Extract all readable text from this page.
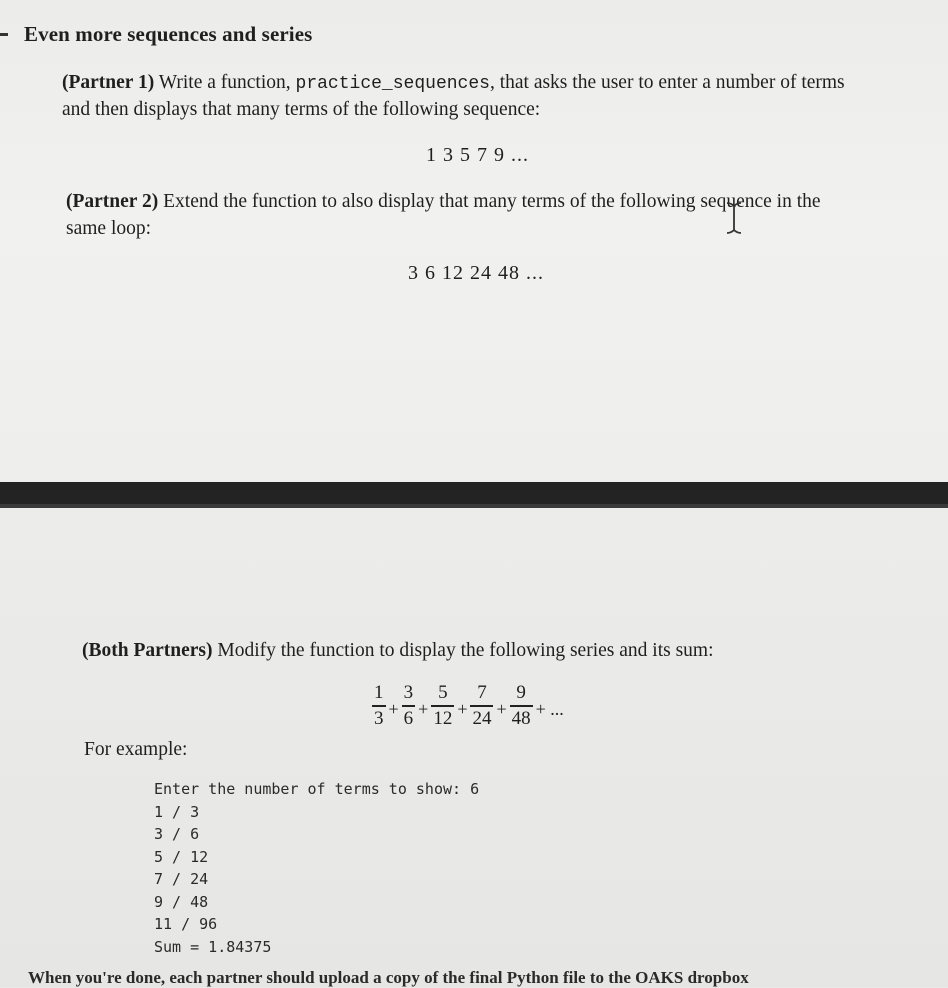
Even more sequences and series
(Partner 1) Write a function, practice_sequences, that asks the user to enter a number of terms
and then displays that many terms of the following sequence:
1 3 5 7 9 ...
(Partner 2) Extend the function to also display that many terms of the following sequence in the
same loop:
3 6 12 24 48 ...
(Both Partners) Modify the function to display the following series and its sum:
$\frac{1}{3} + \frac{3}{6} + \frac{5}{12} + \frac{7}{24} + \frac{9}{48}$ + ...
For example:
Enter the number of terms to show: 6
1 / 3
3 / 6
5 / 12
7 / 24
9 / 48
11 / 96
Sum = 1.84375
When you're done, each partner should upload a copy of the final Python file to the OAKS dropbox
